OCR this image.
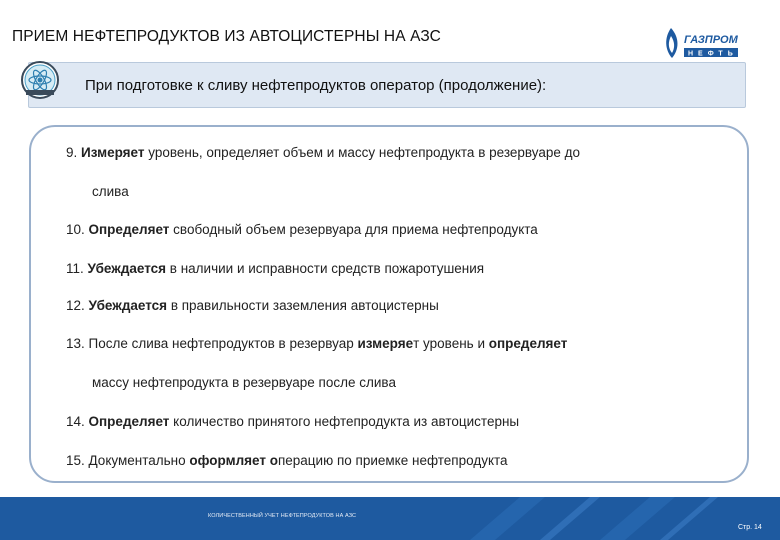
ПРИЕМ НЕФТЕПРОДУКТОВ ИЗ АВТОЦИСТЕРНЫ НА АЗС	ГАЗПРОМ
НЕФТЬ
При подготовке к сливу нефтепродуктов оператор (продолжение):
9. Измеряет уровень, определяет объем и массу нефтепродукта в резервуаре до
слива
10. Определяет свободный объем резервуара для приема нефтепродукта
11. Убеждается в наличии и исправности средств пожаротушения
12. Убеждается в правильности заземления автоцистерны
13. После слива нефтепродуктов в резервуар измеряет уровень и определяет
массу нефтепродукта в резервуаре после слива
14. Определяет количество принятого нефтепродукта из автоцистерны
15. Документально оформляет операцию по приемке нефтепродукта
КОЛИЧЕСТВЕННЫЙ УЧЕТ НЕФТЕПРОДУКТОВ НА АЗС
Стр. 14
